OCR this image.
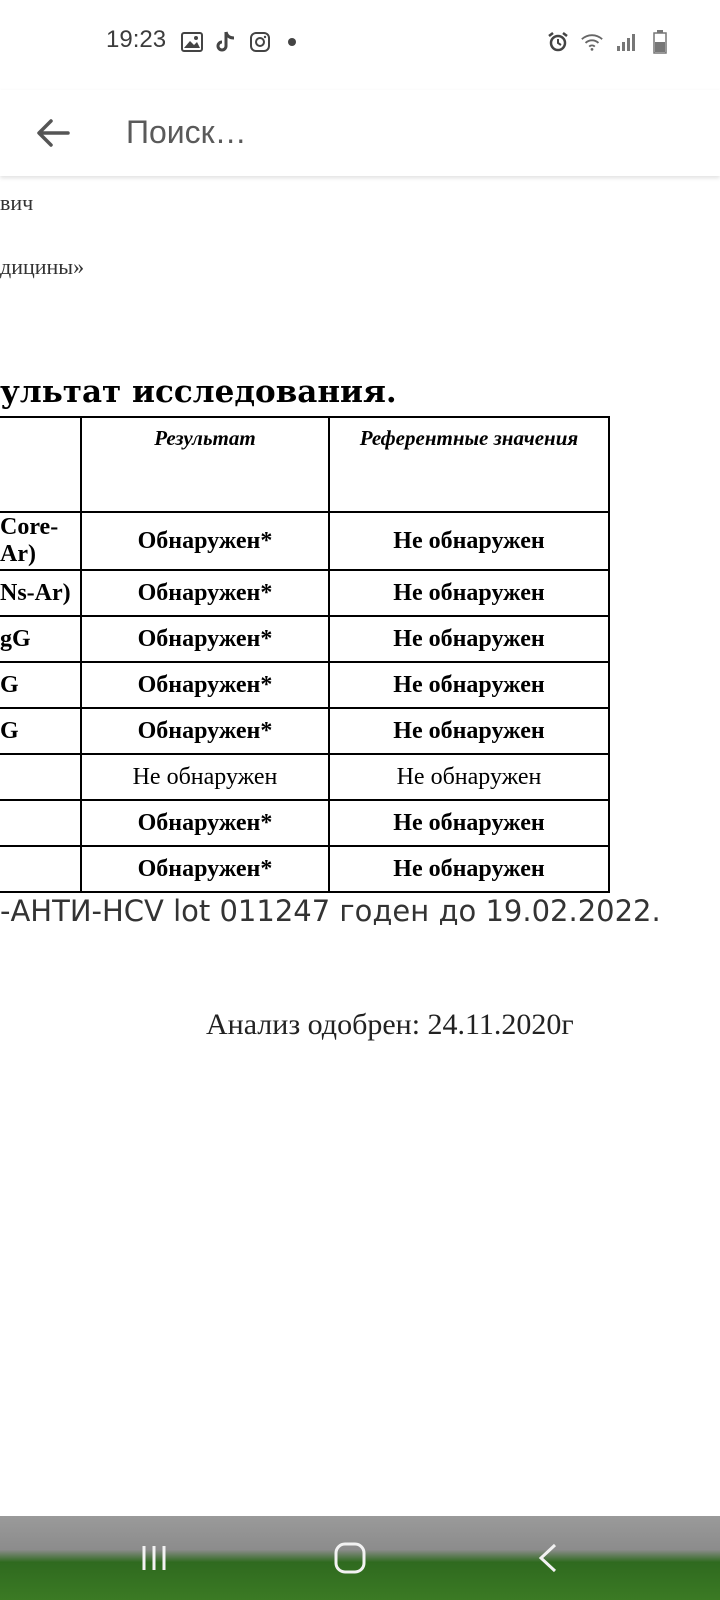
19:23
Поиск…
вич
дицины»
ультат исследования.
	Результат	Референтные значения
Core-Ar)	Обнаружен*	Не обнаружен
Ns-Ar)	Обнаружен*	Не обнаружен
gG	Обнаружен*	Не обнаружен
G	Обнаружен*	Не обнаружен
G	Обнаружен*	Не обнаружен
	Не обнаружен	Не обнаружен
	Обнаружен*	Не обнаружен
	Обнаружен*	Не обнаружен
-АНТИ-HCV lot 011247 годен до 19.02.2022.
Анализ одобрен: 24.11.2020г
